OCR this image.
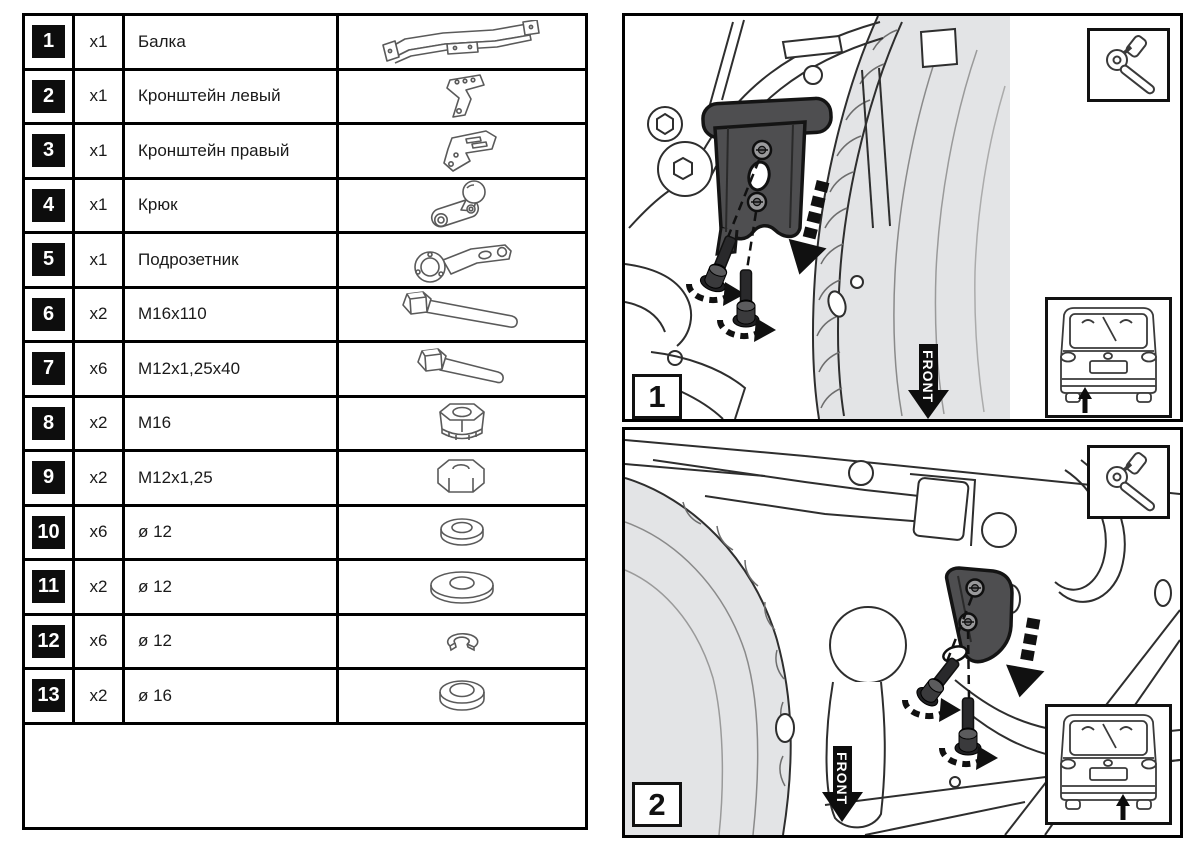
1	x1	Балка
2	x1	Кронштейн левый
3	x1	Кронштейн правый
4	x1	Крюк
5	x1	Подрозетник
6	x2	M16x110
7	x6	M12x1,25x40
8	x2	M16
9	x2	M12x1,25
10	x6	ø 12
11	x2	ø 12
12	x6	ø 12
13	x2	ø 16
FRONT
1
FRONT
2
